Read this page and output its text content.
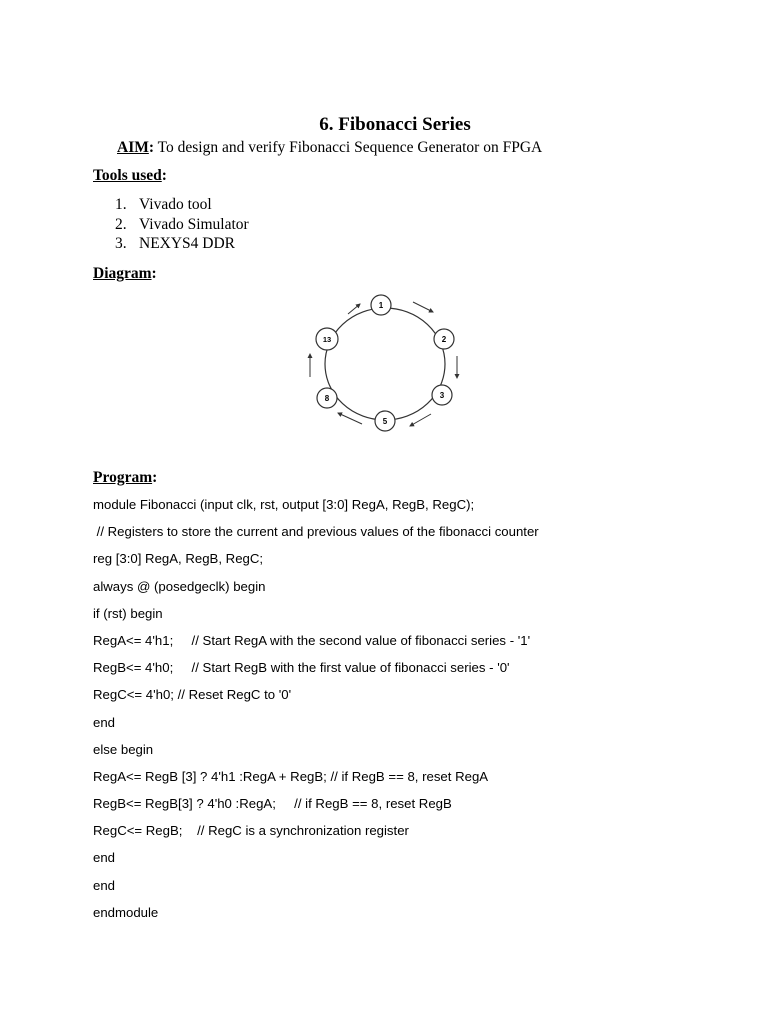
6. Fibonacci Series
AIM: To design and verify Fibonacci Sequence Generator on FPGA
Tools used:
1. Vivado tool
2. Vivado Simulator
3. NEXYS4 DDR
Diagram:
1
2
3
5
8
13
Program:
module Fibonacci (input clk, rst, output [3:0] RegA, RegB, RegC);
// Registers to store the current and previous values of the fibonacci counter
reg [3:0] RegA, RegB, RegC;
always @ (posedgeclk) begin
if (rst) begin
RegA<= 4'h1;     // Start RegA with the second value of fibonacci series - '1'
RegB<= 4'h0;     // Start RegB with the first value of fibonacci series - '0'
RegC<= 4'h0; // Reset RegC to '0'
end
else begin
RegA<= RegB [3] ? 4'h1 :RegA + RegB; // if RegB == 8, reset RegA
RegB<= RegB[3] ? 4'h0 :RegA;     // if RegB == 8, reset RegB
RegC<= RegB;    // RegC is a synchronization register
end
end
endmodule
